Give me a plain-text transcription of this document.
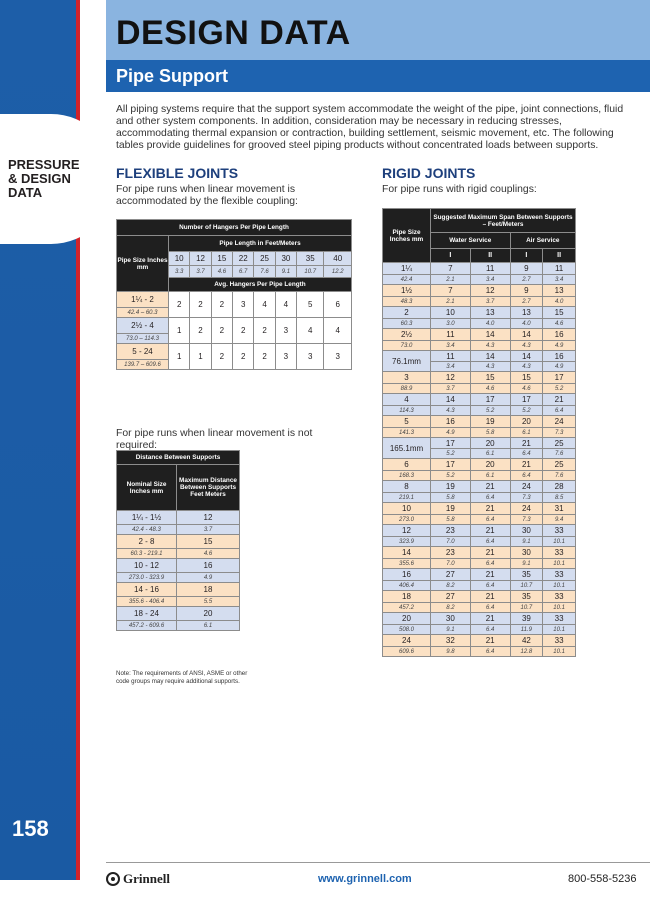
PRESSURE
& DESIGN
DATA
158
DESIGN DATA
Pipe Support
All piping systems require that the support system accommodate the weight of the pipe, joint connections, fluid and other system components. In addition, consideration may be necessary in reducing stresses, accommodating thermal expansion or contraction, building settlement, seismic movement, etc. The following tables provide guidelines for grooved steel piping products without concentrated loads between supports.
FLEXIBLE JOINTS
For pipe runs when linear movement is accommodated by the flexible coupling:
Number of Hangers Per Pipe Length								
Pipe Size Inches mm	Pipe Length in Feet/Meters							
	10	12	15	22	25	30	35	40
	3.3	3.7	4.6	6.7	7.6	9.1	10.7	12.2
	Avg. Hangers Per Pipe Length							
1¼ - 2	2	2	2	3	4	4	5	6
42.4 – 60.3								
2½ - 4	1	2	2	2	2	3	4	4
73.0 – 114.3								
5 - 24	1	1	2	2	2	3	3	3
139.7 – 609.6								
For pipe runs when linear movement is not required:
Distance Between Supports	
Nominal Size Inches mm	Maximum Distance Between Supports Feet Meters
1¼ - 1½	12
42.4 - 48.3	3.7
2 - 8	15
60.3 - 219.1	4.6
10 - 12	16
273.0 - 323.9	4.9
14 - 16	18
355.6 - 406.4	5.5
18 - 24	20
457.2 - 609.6	6.1
Note: The requirements of ANSI, ASME or other code groups may require additional supports.
RIGID JOINTS
For pipe runs with rigid couplings:
Pipe Size Inches mm	Suggested Maximum Span Between Supports – Feet/Meters			
	Water Service		Air Service	
	I	II	I	II
1¼	7	11	9	11
42.4	2.1	3.4	2.7	3.4
1½	7	12	9	13
48.3	2.1	3.7	2.7	4.0
2	10	13	13	15
60.3	3.0	4.0	4.0	4.6
2½	11	14	14	16
73.0	3.4	4.3	4.3	4.9
76.1mm	11	14	14	16
	3.4	4.3	4.3	4.9
3	12	15	15	17
88.9	3.7	4.6	4.6	5.2
4	14	17	17	21
114.3	4.3	5.2	5.2	6.4
5	16	19	20	24
141.3	4.9	5.8	6.1	7.3
165.1mm	17	20	21	25
	5.2	6.1	6.4	7.6
6	17	20	21	25
168.3	5.2	6.1	6.4	7.6
8	19	21	24	28
219.1	5.8	6.4	7.3	8.5
10	19	21	24	31
273.0	5.8	6.4	7.3	9.4
12	23	21	30	33
323.9	7.0	6.4	9.1	10.1
14	23	21	30	33
355.6	7.0	6.4	9.1	10.1
16	27	21	35	33
406.4	8.2	6.4	10.7	10.1
18	27	21	35	33
457.2	8.2	6.4	10.7	10.1
20	30	21	39	33
508.0	9.1	6.4	11.9	10.1
24	32	21	42	33
609.6	9.8	6.4	12.8	10.1
Grinnell	www.grinnell.com	800-558-5236
